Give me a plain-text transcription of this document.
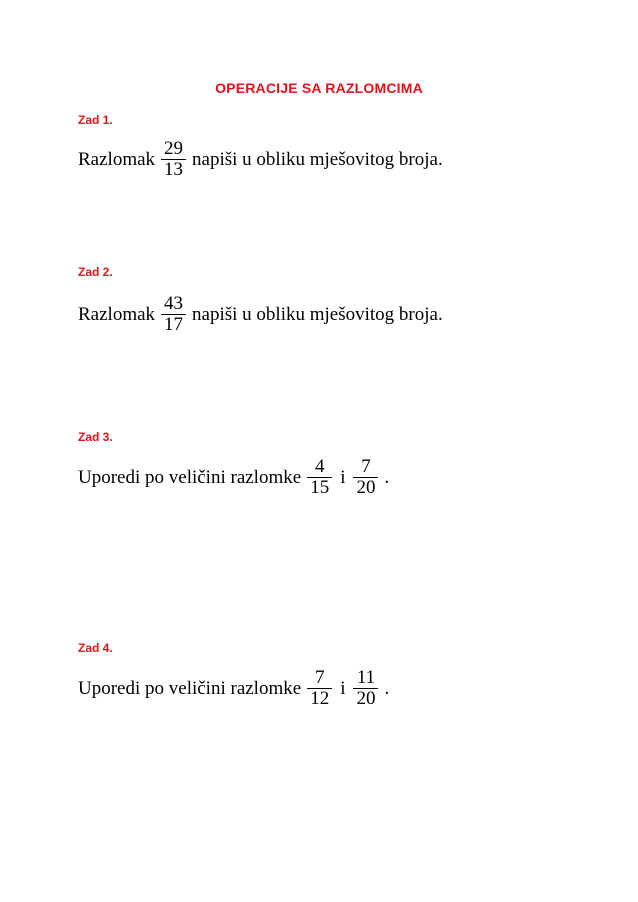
OPERACIJE SA RAZLOMCIMA
Zad 1.
Razlomak $\frac{29}{13}$ napiši u obliku mješovitog broja.
Zad 2.
Razlomak $\frac{43}{17}$ napiši u obliku mješovitog broja.
Zad 3.
Uporedi po veličini razlomke $\frac{4}{15}$ i $\frac{7}{20}$ .
Zad 4.
Uporedi po veličini razlomke $\frac{7}{12}$ i $\frac{11}{20}$ .
